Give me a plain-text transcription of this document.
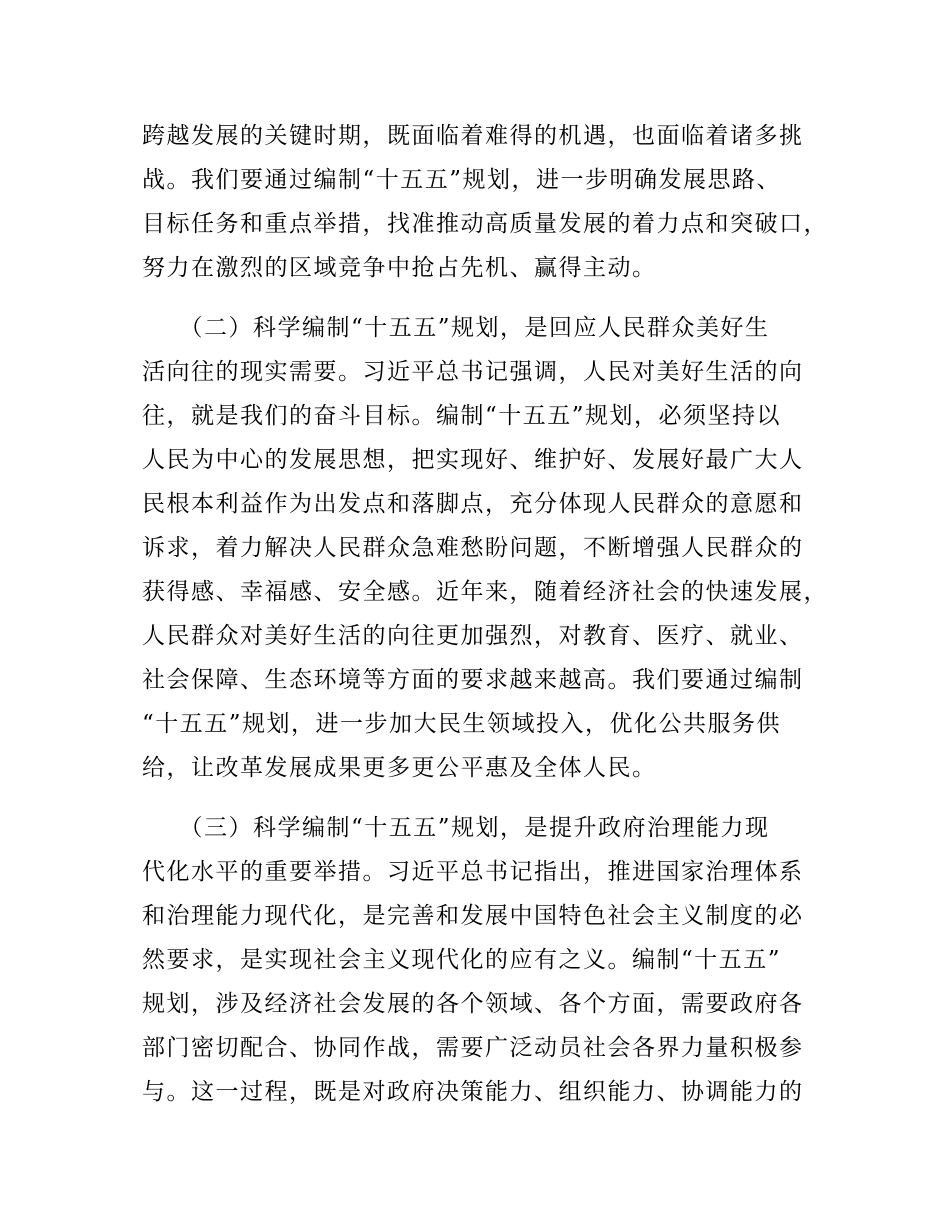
跨越发展的关键时期，既面临着难得的机遇，也面临着诸多挑
战。我们要通过编制“十五五”规划，进一步明确发展思路、
目标任务和重点举措，找准推动高质量发展的着力点和突破口，
努力在激烈的区域竞争中抢占先机、赢得主动。
　　（二）科学编制“十五五”规划，是回应人民群众美好生
活向往的现实需要。习近平总书记强调，人民对美好生活的向
往，就是我们的奋斗目标。编制“十五五”规划，必须坚持以
人民为中心的发展思想，把实现好、维护好、发展好最广大人
民根本利益作为出发点和落脚点，充分体现人民群众的意愿和
诉求，着力解决人民群众急难愁盼问题，不断增强人民群众的
获得感、幸福感、安全感。近年来，随着经济社会的快速发展，
人民群众对美好生活的向往更加强烈，对教育、医疗、就业、
社会保障、生态环境等方面的要求越来越高。我们要通过编制
“十五五”规划，进一步加大民生领域投入，优化公共服务供
给，让改革发展成果更多更公平惠及全体人民。
　　（三）科学编制“十五五”规划，是提升政府治理能力现
代化水平的重要举措。习近平总书记指出，推进国家治理体系
和治理能力现代化，是完善和发展中国特色社会主义制度的必
然要求，是实现社会主义现代化的应有之义。编制“十五五”
规划，涉及经济社会发展的各个领域、各个方面，需要政府各
部门密切配合、协同作战，需要广泛动员社会各界力量积极参
与。这一过程，既是对政府决策能力、组织能力、协调能力的
